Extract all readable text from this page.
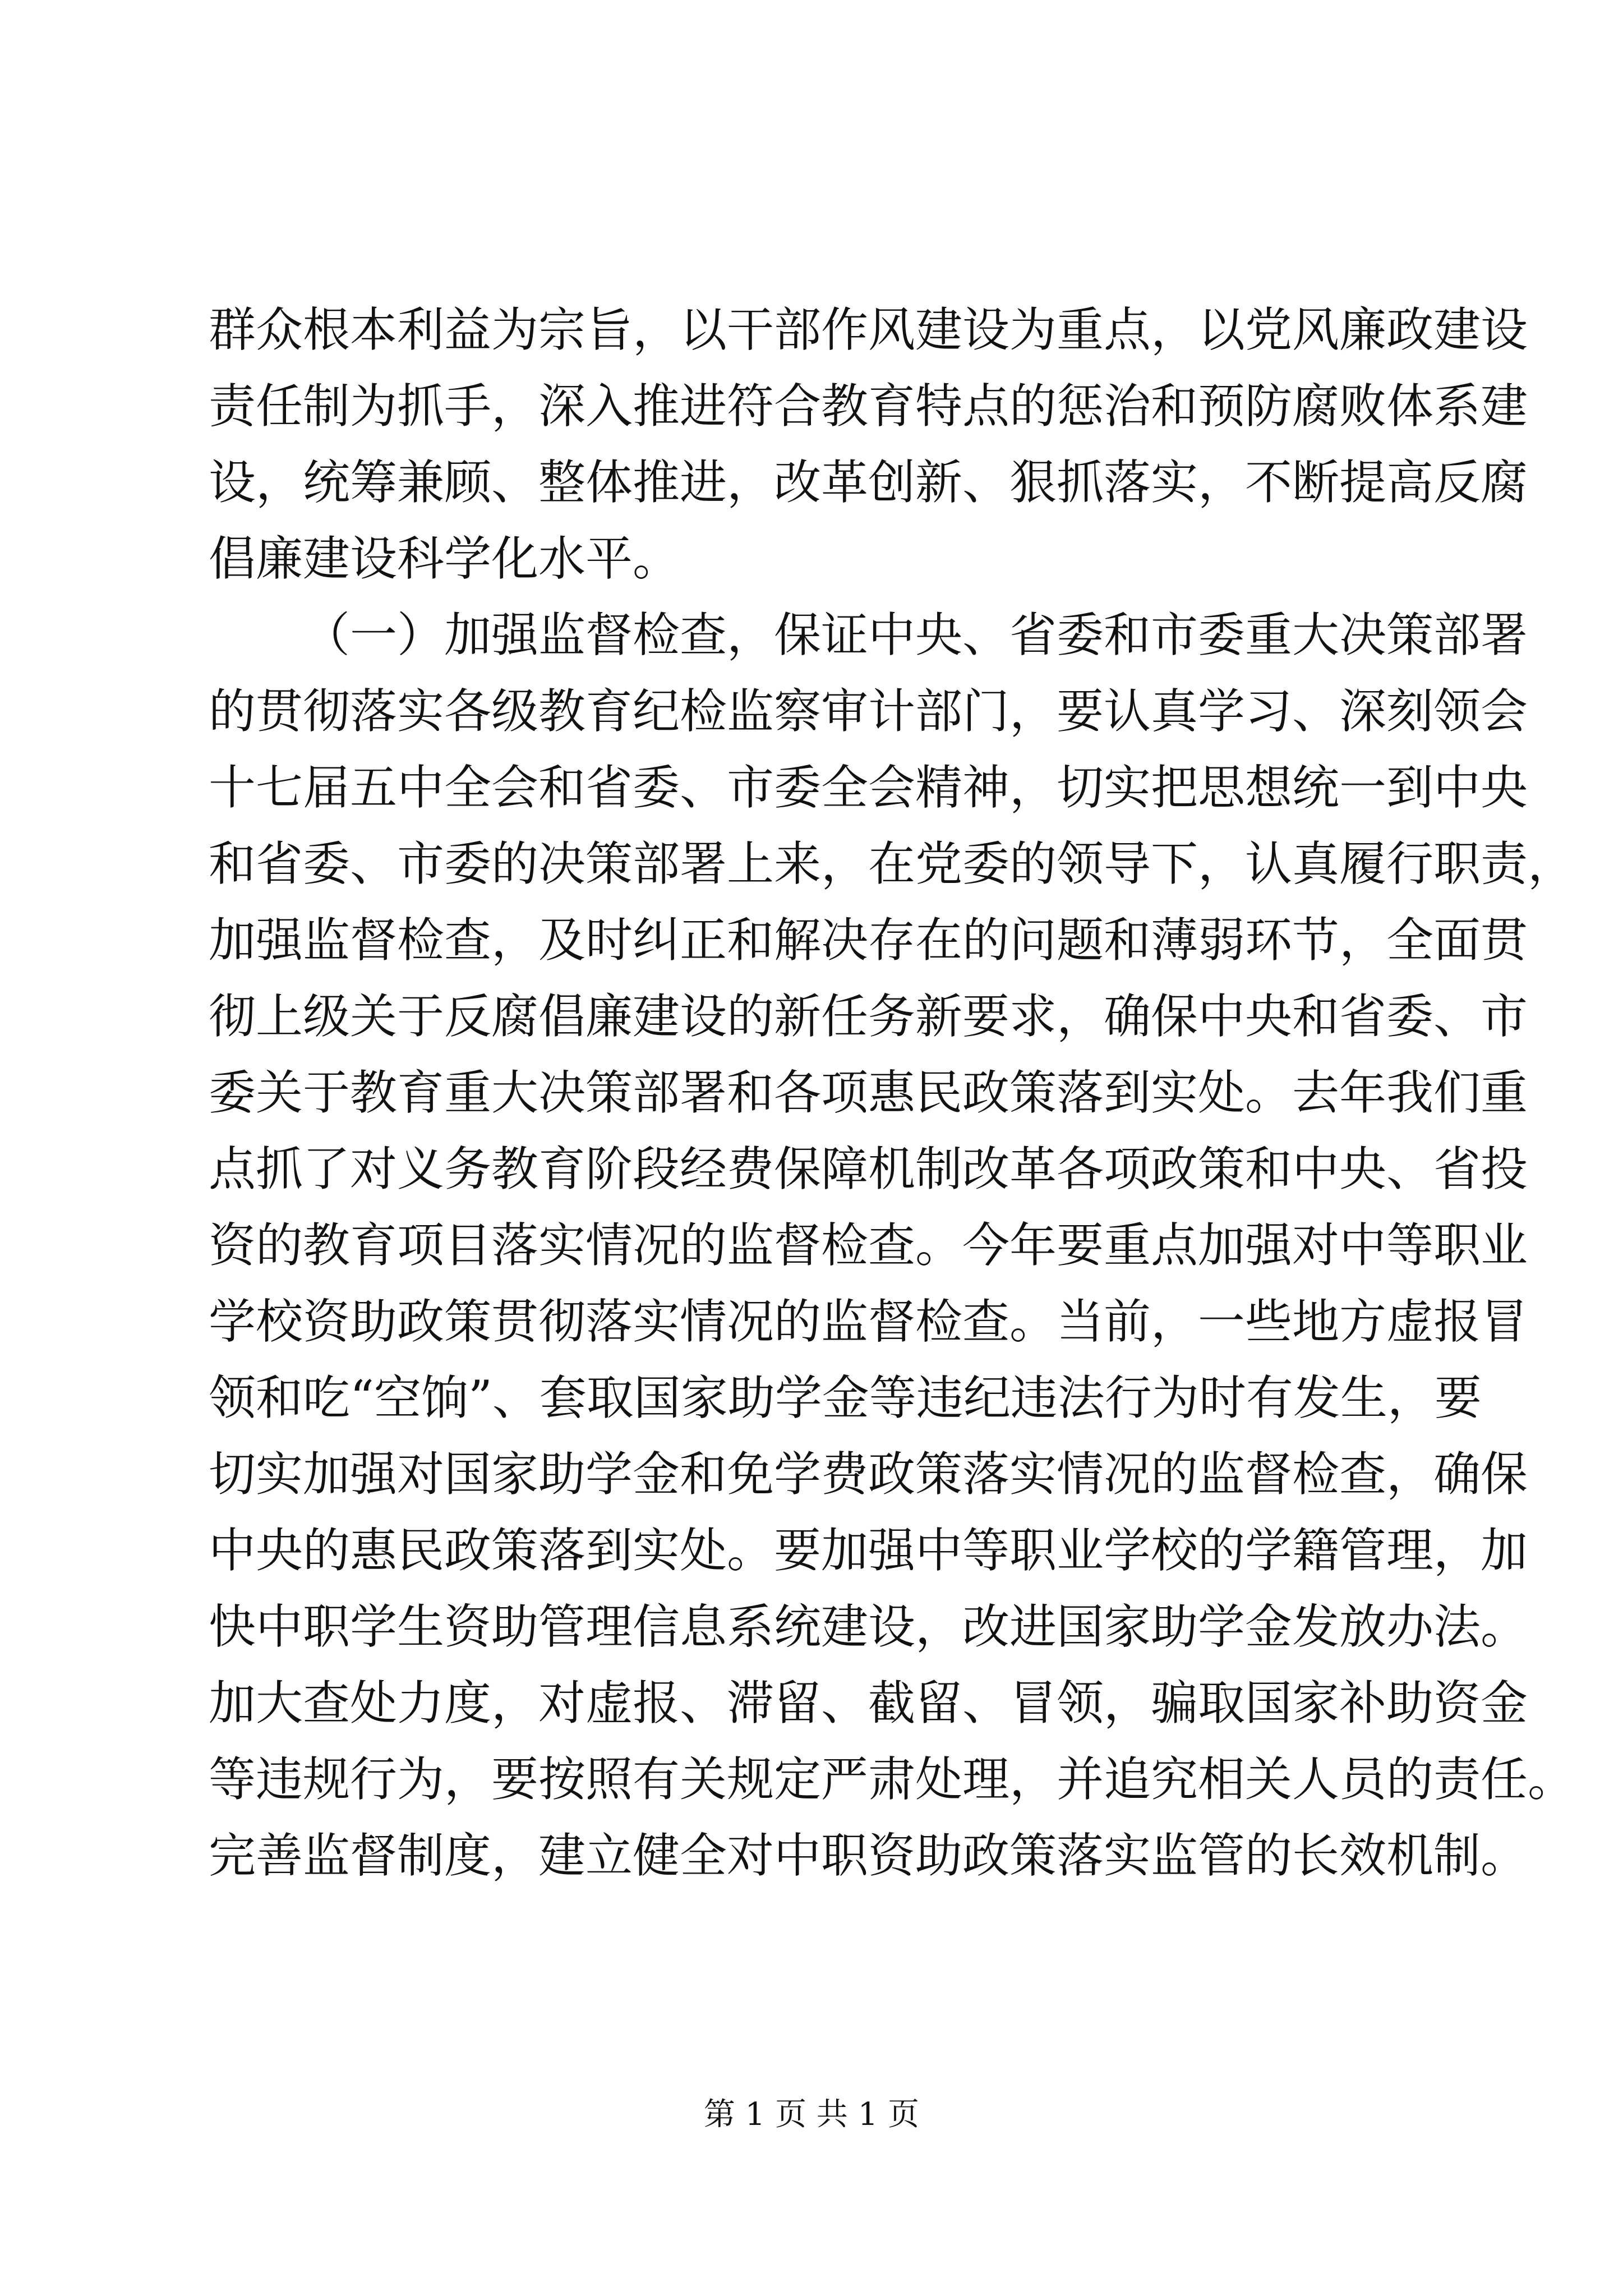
群众根本利益为宗旨，以干部作风建设为重点，以党风廉政建设
责任制为抓手，深入推进符合教育特点的惩治和预防腐败体系建
设，统筹兼顾、整体推进，改革创新、狠抓落实，不断提高反腐
倡廉建设科学化水平。
（一）加强监督检查，保证中央、省委和市委重大决策部署
的贯彻落实各级教育纪检监察审计部门，要认真学习、深刻领会
十七届五中全会和省委、市委全会精神，切实把思想统一到中央
和省委、市委的决策部署上来，在党委的领导下，认真履行职责，
加强监督检查，及时纠正和解决存在的问题和薄弱环节，全面贯
彻上级关于反腐倡廉建设的新任务新要求，确保中央和省委、市
委关于教育重大决策部署和各项惠民政策落到实处。去年我们重
点抓了对义务教育阶段经费保障机制改革各项政策和中央、省投
资的教育项目落实情况的监督检查。今年要重点加强对中等职业
学校资助政策贯彻落实情况的监督检查。当前，一些地方虚报冒
领和吃“空饷”、套取国家助学金等违纪违法行为时有发生，要
切实加强对国家助学金和免学费政策落实情况的监督检查，确保
中央的惠民政策落到实处。要加强中等职业学校的学籍管理，加
快中职学生资助管理信息系统建设，改进国家助学金发放办法。
加大查处力度，对虚报、滞留、截留、冒领，骗取国家补助资金
等违规行为，要按照有关规定严肃处理，并追究相关人员的责任。
完善监督制度，建立健全对中职资助政策落实监管的长效机制。
第 1 页 共 1 页
